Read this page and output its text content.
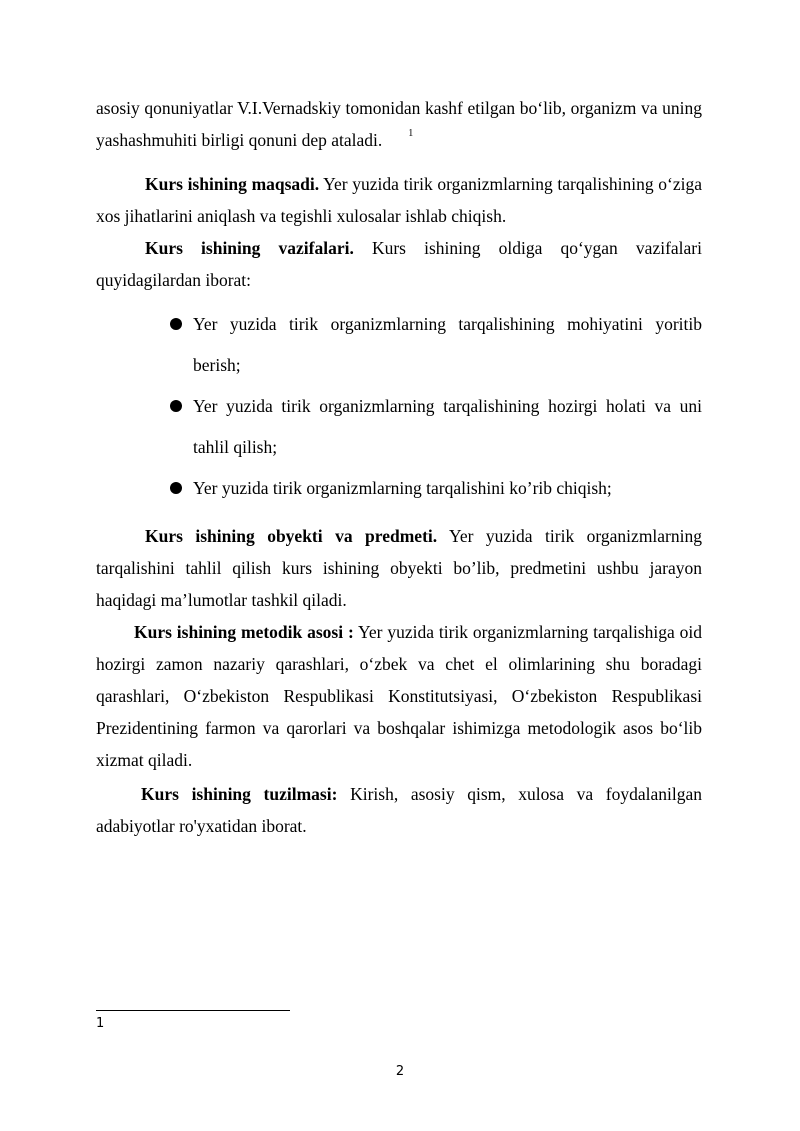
asosiy qonuniyatlar V.I.Vernadskiy tomonidan kashf etilgan bo‘lib, organizm va uning yashashmuhiti birligi qonuni dep ataladi.	$^1$
Kurs ishining maqsadi. Yer yuzida tirik organizmlarning tarqalishining o‘ziga xos jihatlarini aniqlash va tegishli xulosalar ishlab chiqish.
Kurs ishining vazifalari. Kurs ishining oldiga qo‘ygan vazifalari quyidagilardan iborat:
Yer yuzida tirik organizmlarning tarqalishining mohiyatini yoritib berish;
Yer yuzida tirik organizmlarning tarqalishining hozirgi holati va uni tahlil qilish;
Yer yuzida tirik organizmlarning tarqalishini ko’rib chiqish;
Kurs ishining obyekti va predmeti. Yer yuzida tirik organizmlarning tarqalishini tahlil qilish kurs ishining obyekti bo’lib, predmetini ushbu jarayon haqidagi ma’lumotlar tashkil qiladi.
Kurs ishining metodik asosi : Yer yuzida tirik organizmlarning tarqalishiga oid hozirgi zamon nazariy qarashlari, o‘zbek va chet el olimlarining shu boradagi qarashlari, O‘zbekiston Respublikasi Konstitutsiyasi, O‘zbekiston Respublikasi Prezidentining farmon va qarorlari va boshqalar ishimizga metodologik asos bo‘lib xizmat qiladi.
Kurs ishining tuzilmasi: Kirish, asosiy qism, xulosa va foydalanilgan adabiyotlar ro'yxatidan iborat.
1
2
